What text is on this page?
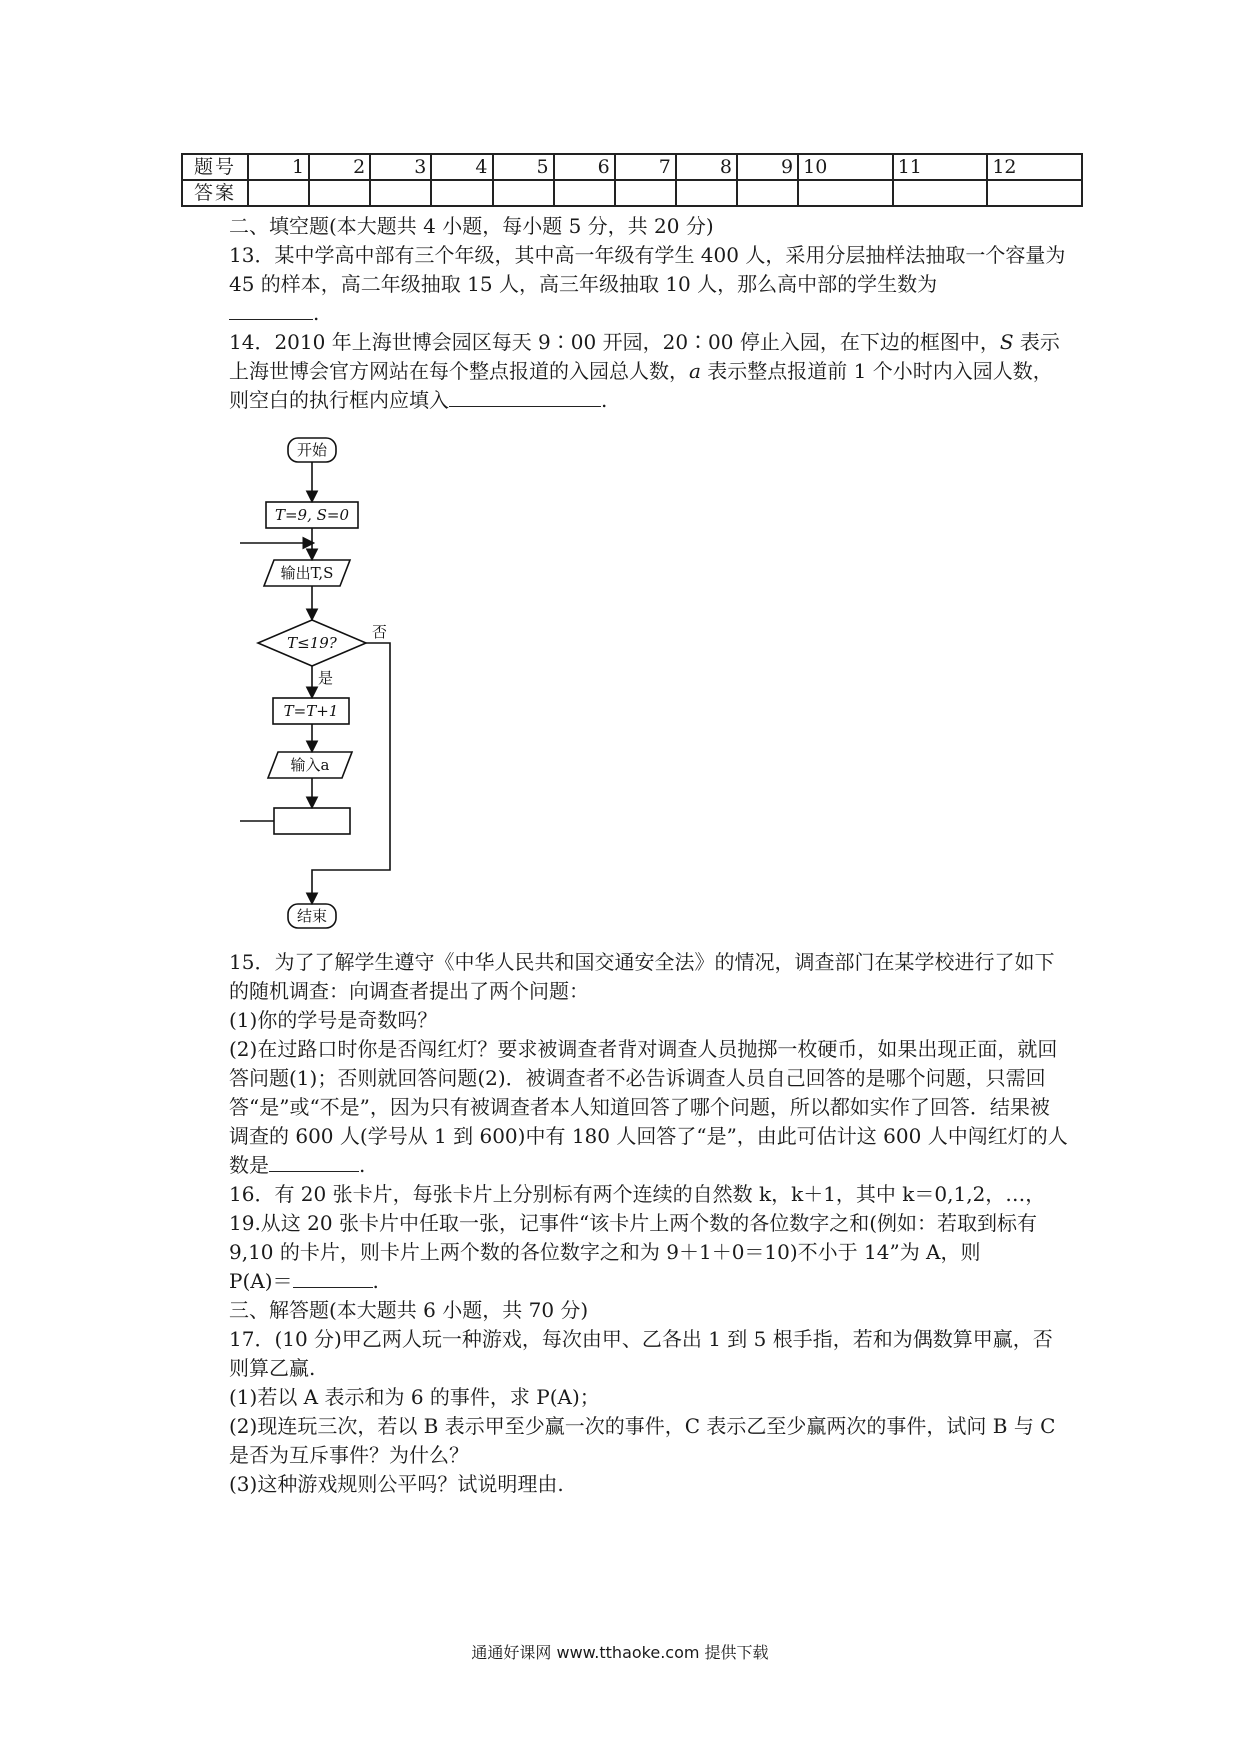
题号	1	2	3	4	5	6	7	8	9	10	11	12
答案												

二、填空题(本大题共 4 小题，每小题 5 分，共 20 分)

13．某中学高中部有三个年级，其中高一年级有学生 400 人，采用分层抽样法抽取一个容量为 45 的样本，高二年级抽取 15 人，高三年级抽取 10 人，那么高中部的学生数为
.

14．2010 年上海世博会园区每天 9∶00 开园，20∶00 停止入园，在下边的框图中，S 表示上海世博会官方网站在每个整点报道的入园总人数，a 表示整点报道前 1 个小时内入园人数，则空白的执行框内应填入	.

开始
T=9, S=0
输出T,S
T≤19?
否
是
T=T+1
输入a
结束

15．为了了解学生遵守《中华人民共和国交通安全法》的情况，调查部门在某学校进行了如下的随机调查：向调查者提出了两个问题：

(1)你的学号是奇数吗？

(2)在过路口时你是否闯红灯？要求被调查者背对调查人员抛掷一枚硬币，如果出现正面，就回答问题(1)；否则就回答问题(2)．被调查者不必告诉调查人员自己回答的是哪个问题，只需回答“是”或“不是”，因为只有被调查者本人知道回答了哪个问题，所以都如实作了回答．结果被调查的 600 人(学号从 1 到 600)中有 180 人回答了“是”，由此可估计这 600 人中闯红灯的人数是	.

16．有 20 张卡片，每张卡片上分别标有两个连续的自然数 k，k＋1，其中 k＝0,1,2，…，19.从这 20 张卡片中任取一张，记事件“该卡片上两个数的各位数字之和(例如：若取到标有 9,10 的卡片，则卡片上两个数的各位数字之和为 9＋1＋0＝10)不小于 14”为 A，则
P(A)＝	.

三、解答题(本大题共 6 小题，共 70 分)

17．(10 分)甲乙两人玩一种游戏，每次由甲、乙各出 1 到 5 根手指，若和为偶数算甲赢，否则算乙赢.

(1)若以 A 表示和为 6 的事件，求 P(A)；

(2)现连玩三次，若以 B 表示甲至少赢一次的事件，C 表示乙至少赢两次的事件，试问 B 与 C 是否为互斥事件？为什么？

(3)这种游戏规则公平吗？试说明理由.

通通好课网 www.tthaoke.com 提供下载
